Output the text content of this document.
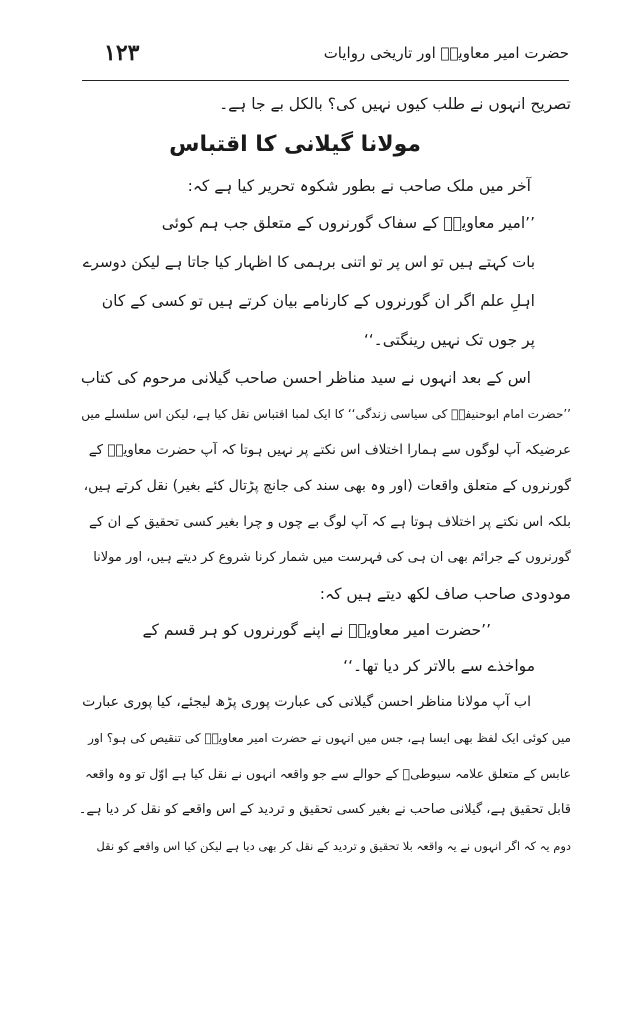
۱۲۳	حضرت امیر معاویہؓ اور تاریخی روایات
تصریح انہوں نے طلب کیوں نہیں کی؟ بالکل بے جا ہے۔
مولانا گیلانی کا اقتباس
آخر میں ملک صاحب نے بطور شکوہ تحریر کیا ہے کہ:
’’امیر معاویہؓ کے سفاک گورنروں کے متعلق جب ہم کوئی
بات کہتے ہیں تو اس پر تو اتنی برہمی کا اظہار کیا جاتا ہے لیکن دوسرے
اہلِ علم اگر ان گورنروں کے کارنامے بیان کرتے ہیں تو کسی کے کان
پر جوں تک نہیں رینگتی۔‘‘
اس کے بعد انہوں نے سید مناظر احسن صاحب گیلانی مرحوم کی کتاب
’’حضرت امام ابوحنیفہؒ کی سیاسی زندگی‘‘ کا ایک لمبا اقتباس نقل کیا ہے، لیکن اس سلسلے میں
عرضیکہ آپ لوگوں سے ہمارا اختلاف اس نکتے پر نہیں ہوتا کہ آپ حضرت معاویہؓ کے
گورنروں کے متعلق واقعات (اور وہ بھی سند کی جانچ پڑتال کئے بغیر) نقل کرتے ہیں،
بلکہ اس نکتے پر اختلاف ہوتا ہے کہ آپ لوگ بے چوں و چرا بغیر کسی تحقیق کے ان کے
گورنروں کے جرائم بھی ان ہی کی فہرست میں شمار کرنا شروع کر دیتے ہیں، اور مولانا
مودودی صاحب صاف لکھ دیتے ہیں کہ:
’’حضرت امیر معاویہؓ نے اپنے گورنروں کو ہر قسم کے
مواخذے سے بالاتر کر دیا تھا۔‘‘
اب آپ مولانا مناظر احسن گیلانی کی عبارت پوری پڑھ لیجئے، کیا پوری عبارت
میں کوئی ایک لفظ بھی ایسا ہے، جس میں انہوں نے حضرت امیر معاویہؓ کی تنقیص کی ہو؟ اور
عابس کے متعلق علامہ سیوطیؒ کے حوالے سے جو واقعہ انہوں نے نقل کیا ہے اوّل تو وہ واقعہ
قابل تحقیق ہے، گیلانی صاحب نے بغیر کسی تحقیق و تردید کے اس واقعے کو نقل کر دیا ہے۔
دوم یہ کہ اگر انہوں نے یہ واقعہ بلا تحقیق و تردید کے نقل کر بھی دیا ہے لیکن کیا اس واقعے کو نقل
